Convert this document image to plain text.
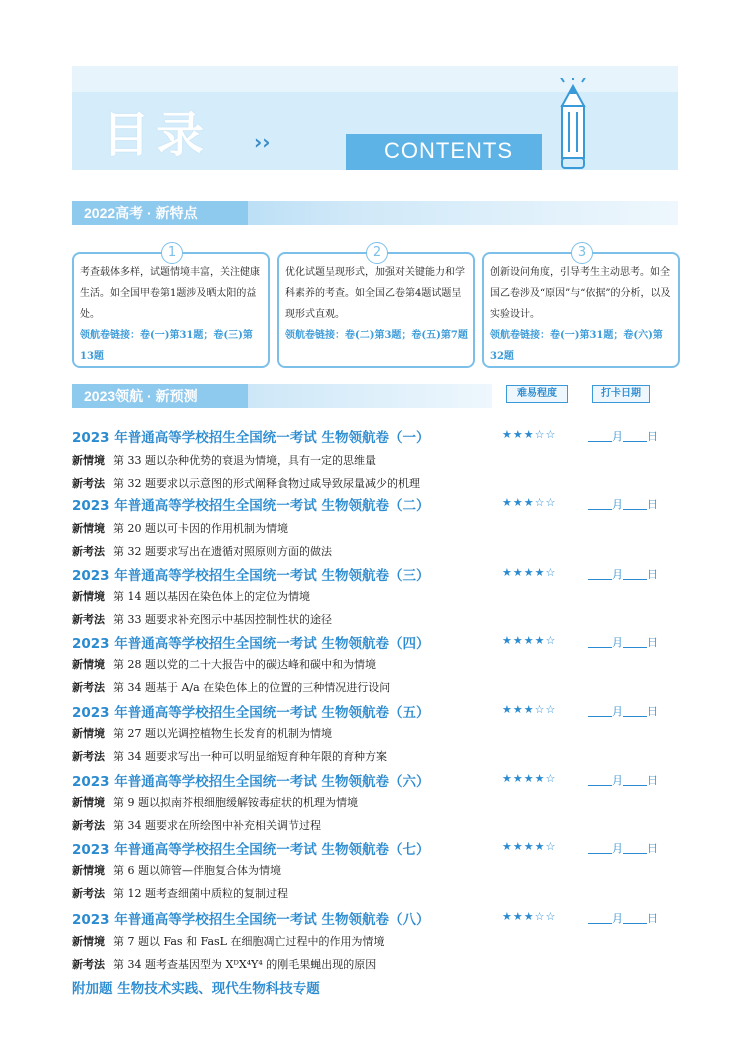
目录 ››	CONTENTS
2022高考 · 新特点
1
考查载体多样，试题情境丰富，关注健康生活。如全国甲卷第1题涉及晒太阳的益处。
领航卷链接：卷(一)第31题；卷(三)第13题
2
优化试题呈现形式，加强对关键能力和学科素养的考查。如全国乙卷第4题试题呈现形式直观。
领航卷链接：卷(二)第3题；卷(五)第7题
3
创新设问角度，引导考生主动思考。如全国乙卷涉及“原因”与“依据”的分析，以及实验设计。
领航卷链接：卷(一)第31题；卷(六)第32题
2023领航 · 新预测	难易程度	打卡日期
2023 年普通高等学校招生全国统一考试 生物领航卷（一）	★★★☆☆	月 日
新情境 第 33 题以杂种优势的衰退为情境，具有一定的思维量
新考法 第 32 题要求以示意图的形式阐释食物过咸导致尿量减少的机理
2023 年普通高等学校招生全国统一考试 生物领航卷（二）	★★★☆☆	月 日
新情境 第 20 题以可卡因的作用机制为情境
新考法 第 32 题要求写出在遗循对照原则方面的做法
2023 年普通高等学校招生全国统一考试 生物领航卷（三）	★★★★☆	月 日
新情境 第 14 题以基因在染色体上的定位为情境
新考法 第 33 题要求补充图示中基因控制性状的途径
2023 年普通高等学校招生全国统一考试 生物领航卷（四）	★★★★☆	月 日
新情境 第 28 题以党的二十大报告中的碳达峰和碳中和为情境
新考法 第 34 题基于 A/a 在染色体上的位置的三种情况进行设问
2023 年普通高等学校招生全国统一考试 生物领航卷（五）	★★★☆☆	月 日
新情境 第 27 题以光调控植物生长发育的机制为情境
新考法 第 34 题要求写出一种可以明显缩短育种年限的育种方案
2023 年普通高等学校招生全国统一考试 生物领航卷（六）	★★★★☆	月 日
新情境 第 9 题以拟南芥根细胞缓解铵毒症状的机理为情境
新考法 第 34 题要求在所绘图中补充相关调节过程
2023 年普通高等学校招生全国统一考试 生物领航卷（七）	★★★★☆	月 日
新情境 第 6 题以筛管—伴胞复合体为情境
新考法 第 12 题考查细菌中质粒的复制过程
2023 年普通高等学校招生全国统一考试 生物领航卷（八）	★★★☆☆	月 日
新情境 第 7 题以 Fas 和 FasL 在细胞凋亡过程中的作用为情境
新考法 第 34 题考查基因型为 XᴰX⁴Y⁴ 的刚毛果蝇出现的原因
附加题 生物技术实践、现代生物科技专题
